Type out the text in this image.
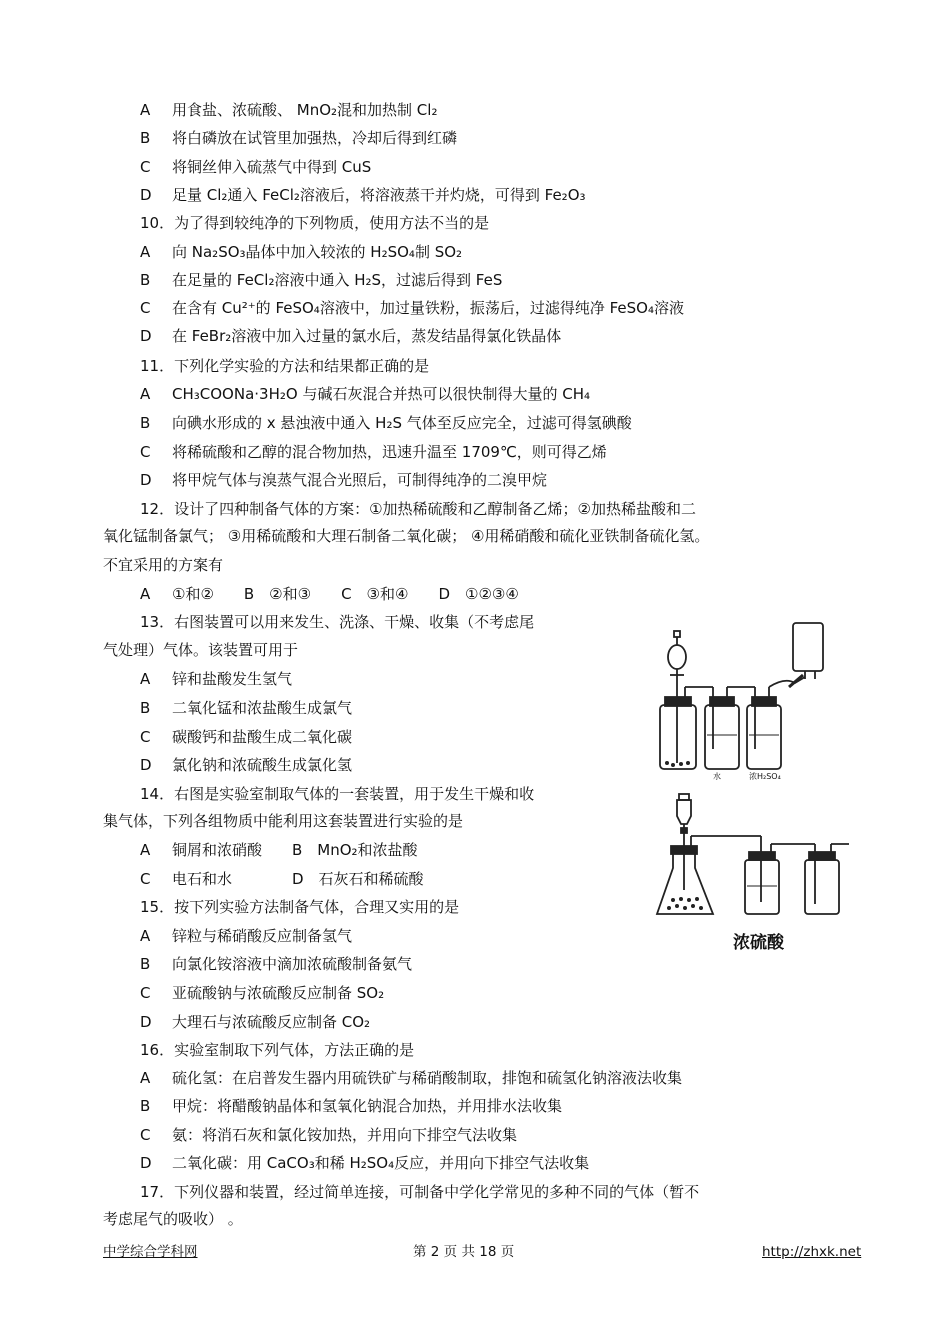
A 用食盐、浓硫酸、 MnO₂混和加热制 Cl₂
B 将白磷放在试管里加强热，冷却后得到红磷
C 将铜丝伸入硫蒸气中得到 CuS
D 足量 Cl₂通入 FeCl₂溶液后，将溶液蒸干并灼烧，可得到 Fe₂O₃
10．为了得到较纯净的下列物质，使用方法不当的是
A 向 Na₂SO₃晶体中加入较浓的 H₂SO₄制 SO₂
B 在足量的 FeCl₂溶液中通入 H₂S，过滤后得到 FeS
C 在含有 Cu²⁺的 FeSO₄溶液中，加过量铁粉，振荡后，过滤得纯净 FeSO₄溶液
D 在 FeBr₂溶液中加入过量的氯水后，蒸发结晶得氯化铁晶体
11．下列化学实验的方法和结果都正确的是
A CH₃COONa·3H₂O 与碱石灰混合并热可以很快制得大量的 CH₄
B 向碘水形成的 x 悬浊液中通入 H₂S 气体至反应完全，过滤可得氢碘酸
C 将稀硫酸和乙醇的混合物加热，迅速升温至 1709℃，则可得乙烯
D 将甲烷气体与溴蒸气混合光照后，可制得纯净的二溴甲烷
12．设计了四种制备气体的方案：①加热稀硫酸和乙醇制备乙烯；②加热稀盐酸和二
氧化锰制备氯气； ③用稀硫酸和大理石制备二氧化碳； ④用稀硝酸和硫化亚铁制备硫化氢。
不宜采用的方案有
A ①和②　　B　②和③　　C　③和④　　D　①②③④
13．右图装置可以用来发生、洗涤、干燥、收集（不考虑尾
气处理）气体。该装置可用于
A 锌和盐酸发生氢气
B 二氧化锰和浓盐酸生成氯气
C 碳酸钙和盐酸生成二氧化碳
D 氯化钠和浓硫酸生成氯化氢
14．右图是实验室制取气体的一套装置，用于发生干燥和收
集气体，下列各组物质中能利用这套装置进行实验的是
A 铜屑和浓硝酸　　B　MnO₂和浓盐酸
C 电石和水　　　　D　石灰石和稀硫酸
15．按下列实验方法制备气体，合理又实用的是
A 锌粒与稀硝酸反应制备氢气
B 向氯化铵溶液中滴加浓硫酸制备氨气
C 亚硫酸钠与浓硫酸反应制备 SO₂
D 大理石与浓硫酸反应制备 CO₂
16．实验室制取下列气体，方法正确的是
A 硫化氢：在启普发生器内用硫铁矿与稀硝酸制取，排饱和硫氢化钠溶液法收集
B 甲烷：将醋酸钠晶体和氢氧化钠混合加热，并用排水法收集
C 氨：将消石灰和氯化铵加热，并用向下排空气法收集
D 二氧化碳：用 CaCO₃和稀 H₂SO₄反应，并用向下排空气法收集
17．下列仪器和装置，经过简单连接，可制备中学化学常见的多种不同的气体（暂不
考虑尾气的吸收） 。
水	浓H₂SO₄
浓硫酸
中学综合学科网	第 2 页 共 18 页	http://zhxk.net
